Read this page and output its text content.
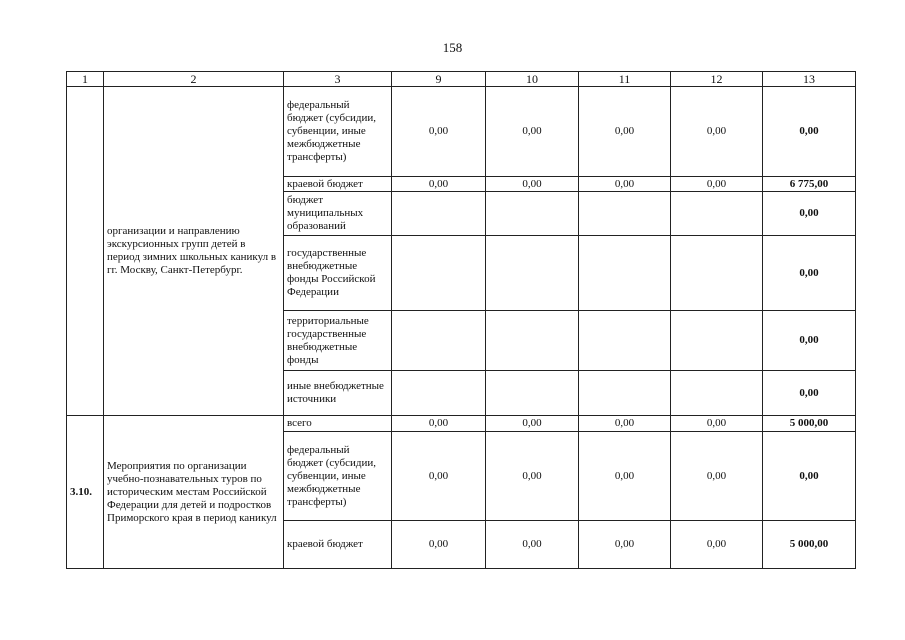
158
1	2	3	9	10	11	12	13
	организации и направлению экскурсионных групп детей в период зимних школьных каникул в гг. Москву, Санкт-Петербург.	федеральный бюджет (субсидии, субвенции, иные межбюджетные трансферты)	0,00	0,00	0,00	0,00	0,00
		краевой бюджет	0,00	0,00	0,00	0,00	6 775,00
		бюджет муниципальных образований					0,00
		государственные внебюджетные фонды Российской Федерации					0,00
		территориальные государственные внебюджетные фонды					0,00
		иные внебюджетные источники					0,00
3.10.	Мероприятия по организации учебно-познавательных туров по историческим местам Российской Федерации для детей и подростков Приморского края в период каникул	всего	0,00	0,00	0,00	0,00	5 000,00
		федеральный бюджет (субсидии, субвенции, иные межбюджетные трансферты)	0,00	0,00	0,00	0,00	0,00
		краевой бюджет	0,00	0,00	0,00	0,00	5 000,00
